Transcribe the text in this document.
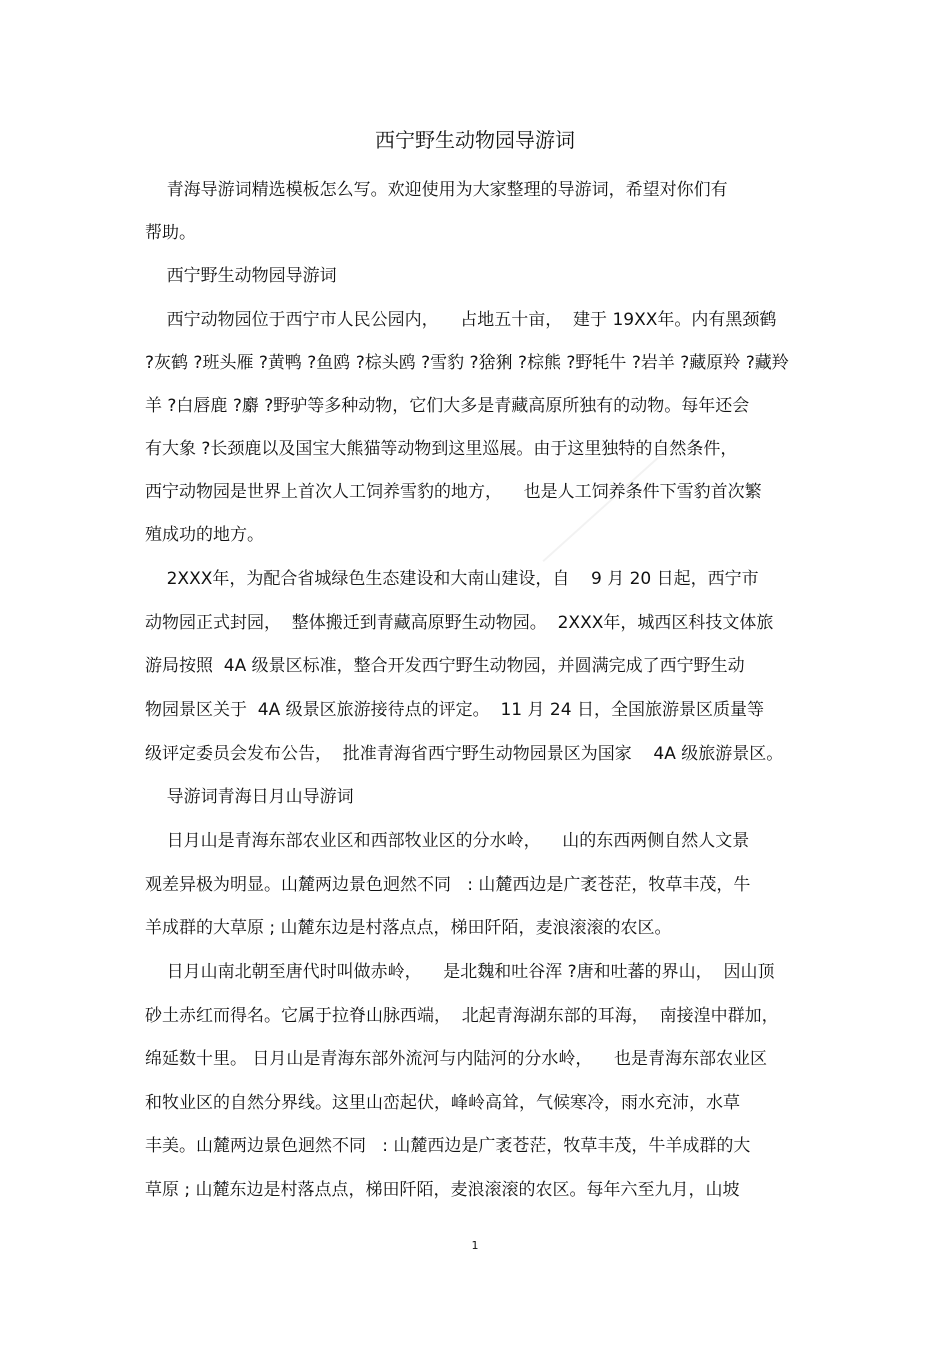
西宁野生动物园导游词
青海导游词精选模板怎么写。欢迎使用为大家整理的导游词，希望对你们有
帮助。
西宁野生动物园导游词
西宁动物园位于西宁市人民公园内，    占地五十亩，  建于 19XX年。内有黑颈鹤
?灰鹤 ?班头雁 ?黄鸭 ?鱼鸥 ?棕头鸥 ?雪豹 ?猞猁 ?棕熊 ?野牦牛 ?岩羊 ?藏原羚 ?藏羚
羊 ?白唇鹿 ?麝 ?野驴等多种动物，它们大多是青藏高原所独有的动物。每年还会
有大象 ?长颈鹿以及国宝大熊猫等动物到这里巡展。由于这里独特的自然条件，
西宁动物园是世界上首次人工饲养雪豹的地方，    也是人工饲养条件下雪豹首次繁
殖成功的地方。
2XXX年，为配合省城绿色生态建设和大南山建设，自    9 月 20 日起，西宁市
动物园正式封园，  整体搬迁到青藏高原野生动物园。  2XXX年，城西区科技文体旅
游局按照  4A 级景区标准，整合开发西宁野生动物园，并圆满完成了西宁野生动
物园景区关于  4A 级景区旅游接待点的评定。  11 月 24 日，全国旅游景区质量等
级评定委员会发布公告，  批准青海省西宁野生动物园景区为国家    4A 级旅游景区。
导游词青海日月山导游词
日月山是青海东部农业区和西部牧业区的分水岭，    山的东西两侧自然人文景
观差异极为明显。山麓两边景色迥然不同   : 山麓西边是广袤苍茫，牧草丰茂，牛
羊成群的大草原 ; 山麓东边是村落点点，梯田阡陌，麦浪滚滚的农区。
日月山南北朝至唐代时叫做赤岭，    是北魏和吐谷浑 ?唐和吐蕃的界山，  因山顶
砂土赤红而得名。它属于拉脊山脉西端，  北起青海湖东部的耳海，  南接湟中群加，
绵延数十里。 日月山是青海东部外流河与内陆河的分水岭，    也是青海东部农业区
和牧业区的自然分界线。这里山峦起伏，峰岭高耸，气候寒冷，雨水充沛，水草
丰美。山麓两边景色迥然不同   : 山麓西边是广袤苍茫，牧草丰茂，牛羊成群的大
草原 ; 山麓东边是村落点点，梯田阡陌，麦浪滚滚的农区。每年六至九月，山坡
1
